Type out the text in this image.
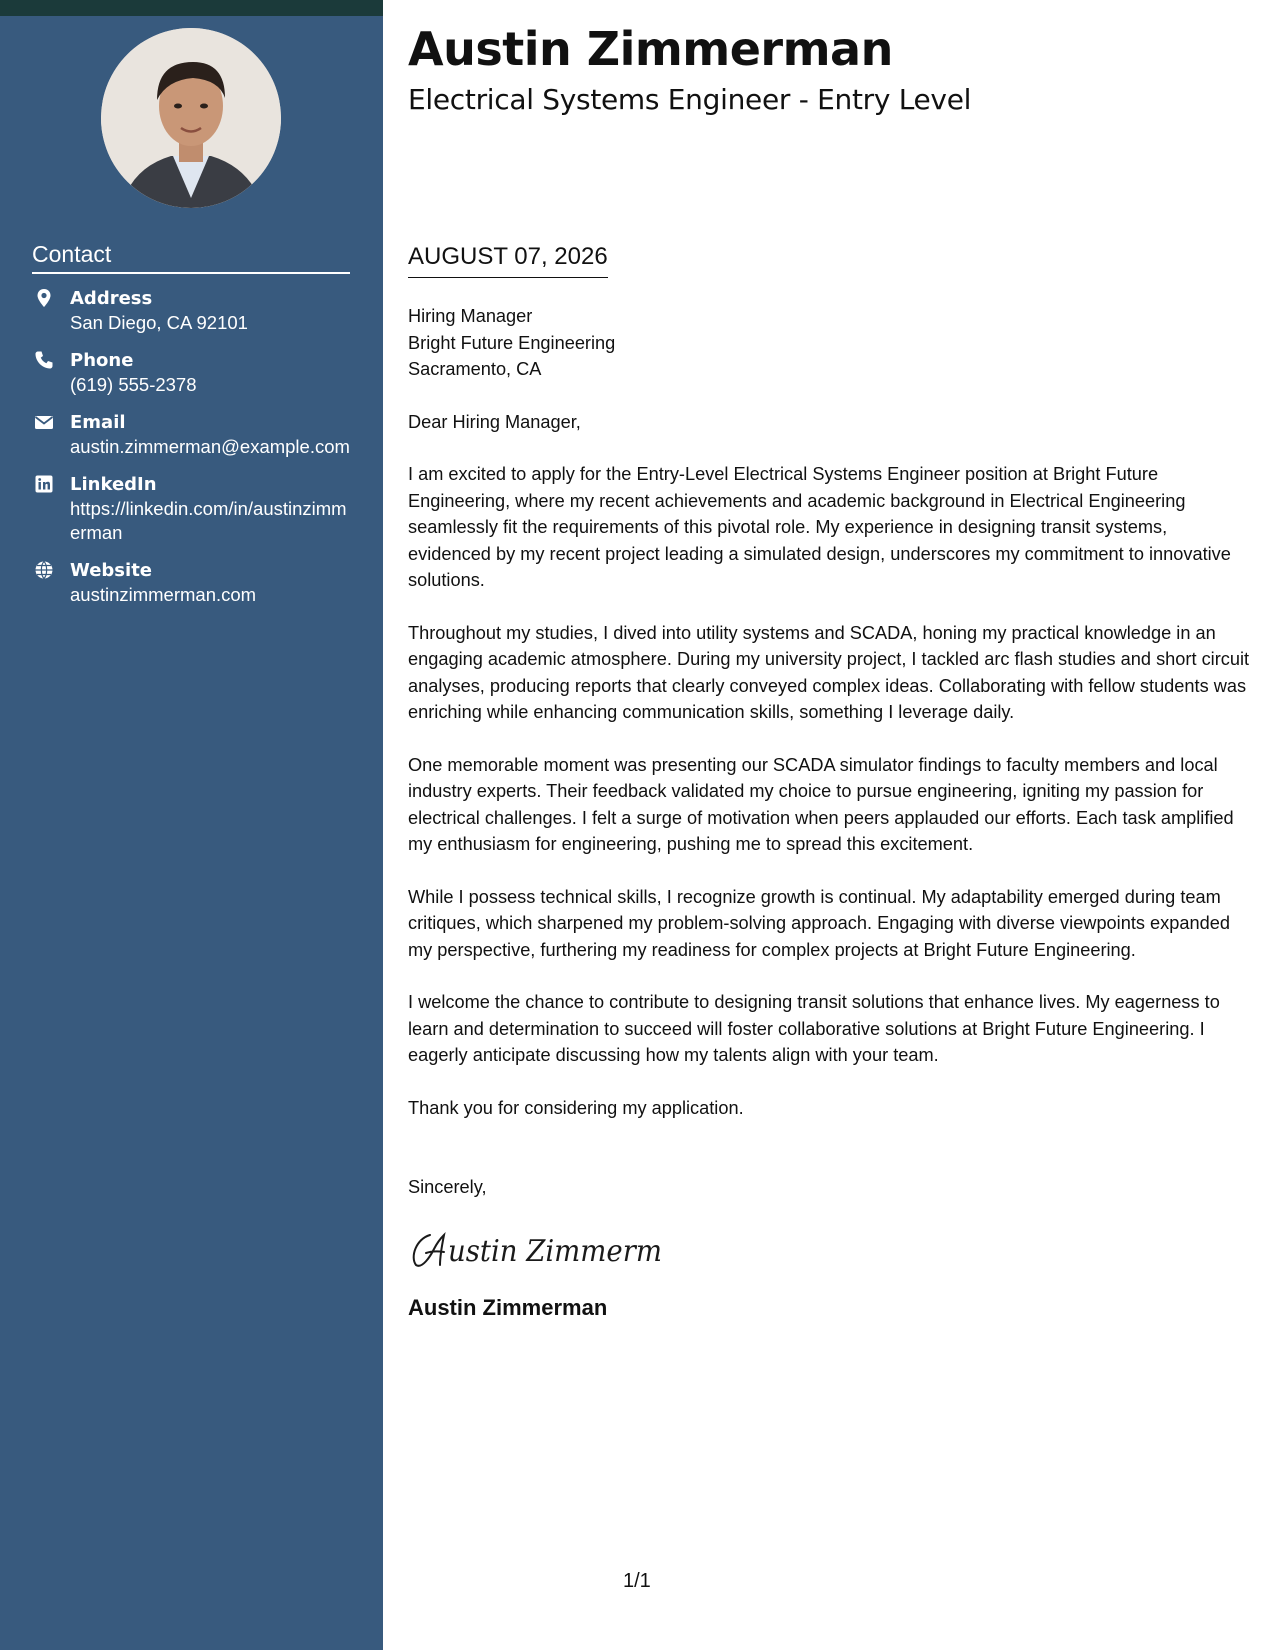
Contact
Address
San Diego, CA 92101
Phone
(619) 555-2378
Email
austin.zimmerman@example.com
LinkedIn
https://linkedin.com/in/austinzimmerman
Website
austinzimmerman.com
Austin Zimmerman
Electrical Systems Engineer - Entry Level
AUGUST 07, 2026
Hiring Manager
Bright Future Engineering
Sacramento, CA

Dear Hiring Manager,

I am excited to apply for the Entry-Level Electrical Systems Engineer position at Bright Future Engineering, where my recent achievements and academic background in Electrical Engineering seamlessly fit the requirements of this pivotal role. My experience in designing transit systems, evidenced by my recent project leading a simulated design, underscores my commitment to innovative solutions.

Throughout my studies, I dived into utility systems and SCADA, honing my practical knowledge in an engaging academic atmosphere. During my university project, I tackled arc flash studies and short circuit analyses, producing reports that clearly conveyed complex ideas. Collaborating with fellow students was enriching while enhancing communication skills, something I leverage daily.

One memorable moment was presenting our SCADA simulator findings to faculty members and local industry experts. Their feedback validated my choice to pursue engineering, igniting my passion for electrical challenges. I felt a surge of motivation when peers applauded our efforts. Each task amplified my enthusiasm for engineering, pushing me to spread this excitement.

While I possess technical skills, I recognize growth is continual. My adaptability emerged during team critiques, which sharpened my problem-solving approach. Engaging with diverse viewpoints expanded my perspective, furthering my readiness for complex projects at Bright Future Engineering.

I welcome the chance to contribute to designing transit solutions that enhance lives. My eagerness to learn and determination to succeed will foster collaborative solutions at Bright Future Engineering. I eagerly anticipate discussing how my talents align with your team.

Thank you for considering my application.

Sincerely,
ustin Zimmerm
Austin Zimmerman
1/1
